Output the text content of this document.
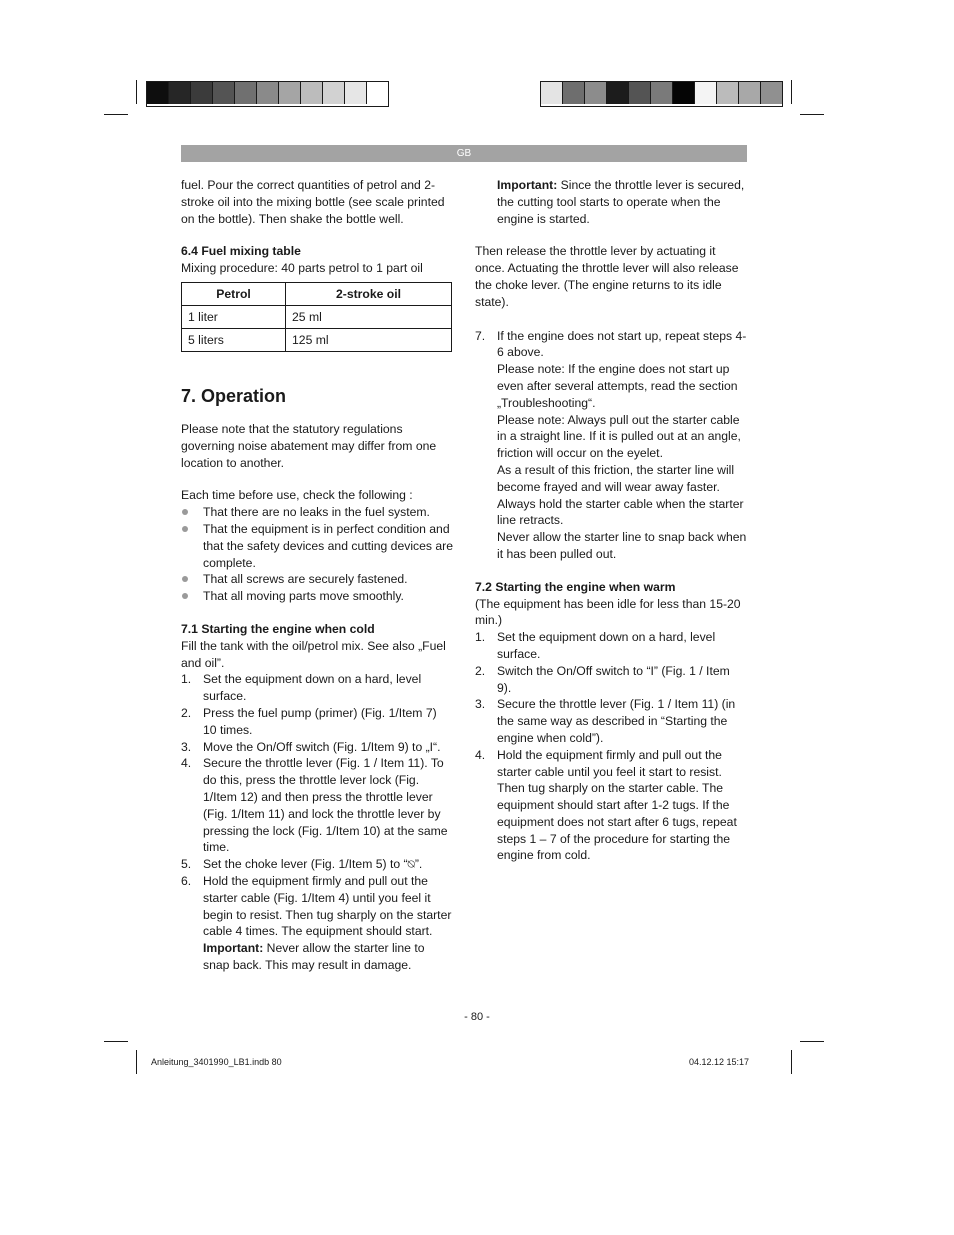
GB

fuel. Pour the correct quantities of petrol and 2-stroke oil into the mixing bottle (see scale printed on the bottle). Then shake the bottle well.

6.4 Fuel mixing table

Mixing procedure: 40 parts petrol to 1 part oil

Petrol	2-stroke oil
1 liter	25 ml
5 liters	125 ml

7. Operation

Please note that the statutory regulations governing noise abatement may differ from one location to another.

Each time before use, check the following :

That there are no leaks in the fuel system.
That the equipment is in perfect condition and that the safety devices and cutting devices are complete.
That all screws are securely fastened.
That all moving parts move smoothly.

7.1 Starting the engine when cold

Fill the tank with the oil/petrol mix. See also „Fuel and oil”.

1. Set the equipment down on a hard, level surface.
2. Press the fuel pump (primer) (Fig. 1/Item 7) 10 times.
3. Move the On/Off switch (Fig. 1/Item 9) to „I“.
4. Secure the throttle lever (Fig. 1 / Item 11). To do this, press the throttle lever lock (Fig. 1/Item 12) and then press the throttle lever (Fig. 1/Item 11) and lock the throttle lever by pressing the lock (Fig. 1/Item 10) at the same time.
5. Set the choke lever (Fig. 1/Item 5) to “⍉”.
6. Hold the equipment firmly and pull out the starter cable (Fig. 1/Item 4) until you feel it begin to resist. Then tug sharply on the starter cable 4 times. The equipment should start.
Important: Never allow the starter line to snap back. This may result in damage.

Important: Since the throttle lever is secured, the cutting tool starts to operate when the engine is started.

Then release the throttle lever by actuating it once. Actuating the throttle lever will also release the choke lever. (The engine returns to its idle state).

7. If the engine does not start up, repeat steps 4-6 above.

Please note: If the engine does not start up even after several attempts, read the section „Troubleshooting“.

Please note: Always pull out the starter cable in a straight line. If it is pulled out at an angle, friction will occur on the eyelet.

As a result of this friction, the starter line will become frayed and will wear away faster. Always hold the starter cable when the starter line retracts.

Never allow the starter line to snap back when it has been pulled out.

7.2 Starting the engine when warm

(The equipment has been idle for less than 15-20 min.)

1. Set the equipment down on a hard, level surface.
2. Switch the On/Off switch to “I” (Fig. 1 / Item 9).
3. Secure the throttle lever (Fig. 1 / Item 11) (in the same way as described in “Starting the engine when cold”).
4. Hold the equipment firmly and pull out the starter cable until you feel it start to resist. Then tug sharply on the starter cable. The equipment should start after 1-2 tugs. If the equipment does not start after 6 tugs, repeat steps 1 – 7 of the procedure for starting the engine from cold.
- 80 -
Anleitung_3401990_LB1.indb 80	04.12.12 15:17
